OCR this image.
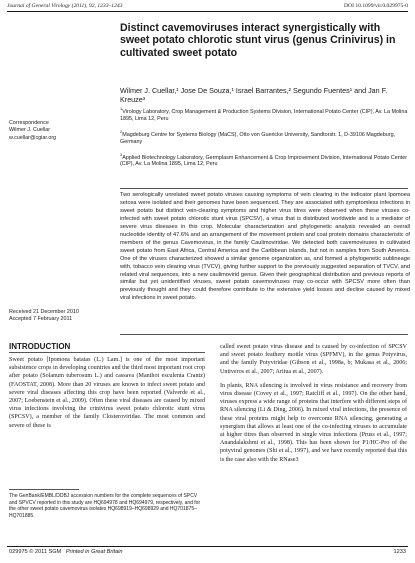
Journal of General Virology (2011), 92, 1233–1243	DOI 10.1099/vir.0.029975-0
Distinct cavemoviruses interact synergistically with sweet potato chlorotic stunt virus (genus Crinivirus) in cultivated sweet potato
Wilmer J. Cuellar,¹ Jose De Souza,¹ Israel Barrantes,² Segundo Fuentes¹ and Jan F. Kreuze³
$^1$Virology Laboratory, Crop Management & Production Systems Division, International Potato Center (CIP), Av. La Molina 1895, Lima 12, Peru
$^2$Magdeburg Centre for Systems Biology (MaCS), Otto von Guericke University, Sandtorstr. 1, D-39106 Magdeburg, Germany
$^3$Applied Biotechnology Laboratory, Germplasm Enhancement & Crop Improvement Division, International Potato Center (CIP), Av. La Molina 1895, Lima 12, Peru
Correspondence
Wilmer J. Cuellar
w.cuellar@cgiar.org
Received 21 December 2010
Accepted 7 February 2011
Two serologically unrelated sweet potato viruses causing symptoms of vein clearing in the indicator plant Ipomoea setosa were isolated and their genomes have been sequenced. They are associated with symptomless infections in sweet potato but distinct vein-clearing symptoms and higher virus titres were observed when these viruses co-infected with sweet potato chlorotic stunt virus (SPCSV), a virus that is distributed worldwide and is a mediator of severe virus diseases in this crop. Molecular characterization and phylogenetic analysis revealed an overall nucleotide identity of 47.6% and an arrangement of the movement protein and coat protein domains characteristic of members of the genus Cavemovirus, in the family Caulimoviridae. We detected both cavemoviruses in cultivated sweet potato from East Africa, Central America and the Caribbean islands, but not in samples from South America. One of the viruses characterized showed a similar genome organization as, and formed a phylogenetic sublineage with, tobacco vein clearing virus (TVCV), giving further support to the previously suggested separation of TVCV, and related viral sequences, into a new caulimovirid genus. Given their geographical distribution and previous reports of similar but yet unidentified viruses, sweet potato cavemoviruses may co-occur with SPCSV more often than previously thought and they could therefore contribute to the extensive yield losses and decline caused by mixed viral infections in sweet potato.
INTRODUCTION

Sweet potato [Ipomoea batatas (L.) Lam.] is one of the most important subsistence crops in developing countries and the third most important root crop after potato (Solanum tuberosum L.) and cassava (Manihot esculenta Crantz) (FAOSTAT, 2008). More than 20 viruses are known to infect sweet potato and severe viral diseases affecting this crop have been reported (Valverde et al., 2007; Loebenstein et al., 2009). Often these viral diseases are caused by mixed virus infections involving the crinivirus sweet potato chlorotic stunt virus (SPCSV), a member of the family Closteroviridae. The most common and severe of these is

called sweet potato virus disease and is caused by co-infection of SPCSV and sweet potato feathery mottle virus (SPFMV), in the genus Potyvirus, and the family Potyviridae (Gibson et al., 1998a, b; Mukasa et al., 2006; Untiveros et al., 2007; Aritua et al., 2007).

In plants, RNA silencing is involved in virus resistance and recovery from virus disease (Covey et al., 1997; Ratcliff et al., 1997). On the other hand, viruses express a wide range of proteins that interfere with different steps of RNA silencing (Li & Ding, 2006). In mixed viral infections, the presence of these viral proteins might help to overcome RNA silencing, generating a synergism that allows at least one of the co-infecting viruses to accumulate at higher titres than observed in single virus infections (Pruss et al., 1997; Anandalakshmi et al., 1998). This has been shown for P1/HC-Pro of the potyviral genomes (Shi et al., 1997), and we have recently reported that this is the case also with the RNase3

The GenBank/EMBL/DDBJ accession numbers for the complete sequences of SPCV and SPVCV reported in this study are HQ694978 and HQ694979, respectively, and for the other sweet potato cavemovirus isolates HQ698919–HQ698929 and HQ701875–HQ701885.
029975 © 2011 SGM Printed in Great Britain	1233
